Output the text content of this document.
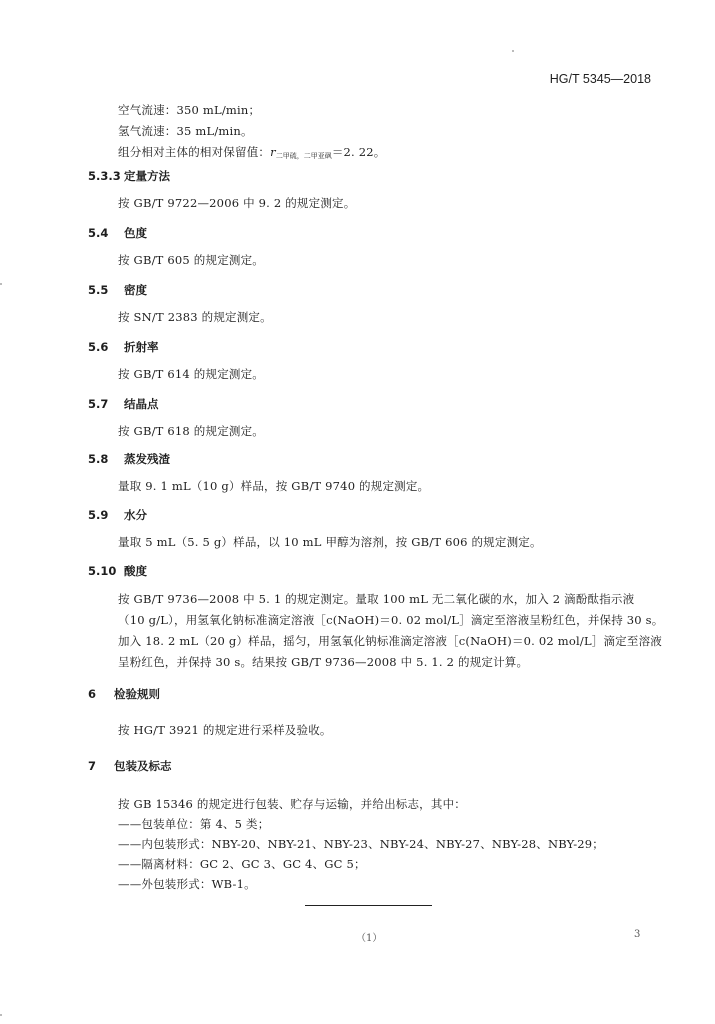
HG/T 5345—2018
空气流速：350 mL/min；
氢气流速：35 mL/min。
组分相对主体的相对保留值：$r_{二甲硫,二甲亚砜}=2$. 22。
5.3.3 定量方法
按 GB/T 9722—2006 中 9. 2 的规定测定。
5.4 色度
按 GB/T 605 的规定测定。
5.5 密度
按 SN/T 2383 的规定测定。
5.6 折射率
按 GB/T 614 的规定测定。
5.7 结晶点
按 GB/T 618 的规定测定。
5.8 蒸发残渣
量取 9. 1 mL（10 g）样品，按 GB/T 9740 的规定测定。
5.9 水分
量取 5 mL（5. 5 g）样品，以 10 mL 甲醇为溶剂，按 GB/T 606 的规定测定。
5.10 酸度
按 GB/T 9736—2008 中 5. 1 的规定测定。量取 100 mL 无二氧化碳的水，加入 2 滴酚酞指示液
（10 g/L），用氢氧化钠标准滴定溶液［c(NaOH)＝0. 02 mol/L］滴定至溶液呈粉红色，并保持 30 s。
加入 18. 2 mL（20 g）样品，摇匀，用氢氧化钠标准滴定溶液［c(NaOH)＝0. 02 mol/L］滴定至溶液
呈粉红色，并保持 30 s。结果按 GB/T 9736—2008 中 5. 1. 2 的规定计算。
6 检验规则
按 HG/T 3921 的规定进行采样及验收。
7 包装及标志
按 GB 15346 的规定进行包装、贮存与运输，并给出标志，其中：
——包装单位：第 4、5 类；
——内包装形式：NBY-20、NBY-21、NBY-23、NBY-24、NBY-27、NBY-28、NBY-29；
——隔离材料：GC 2、GC 3、GC 4、GC 5；
——外包装形式：WB-1。
（1）	3
